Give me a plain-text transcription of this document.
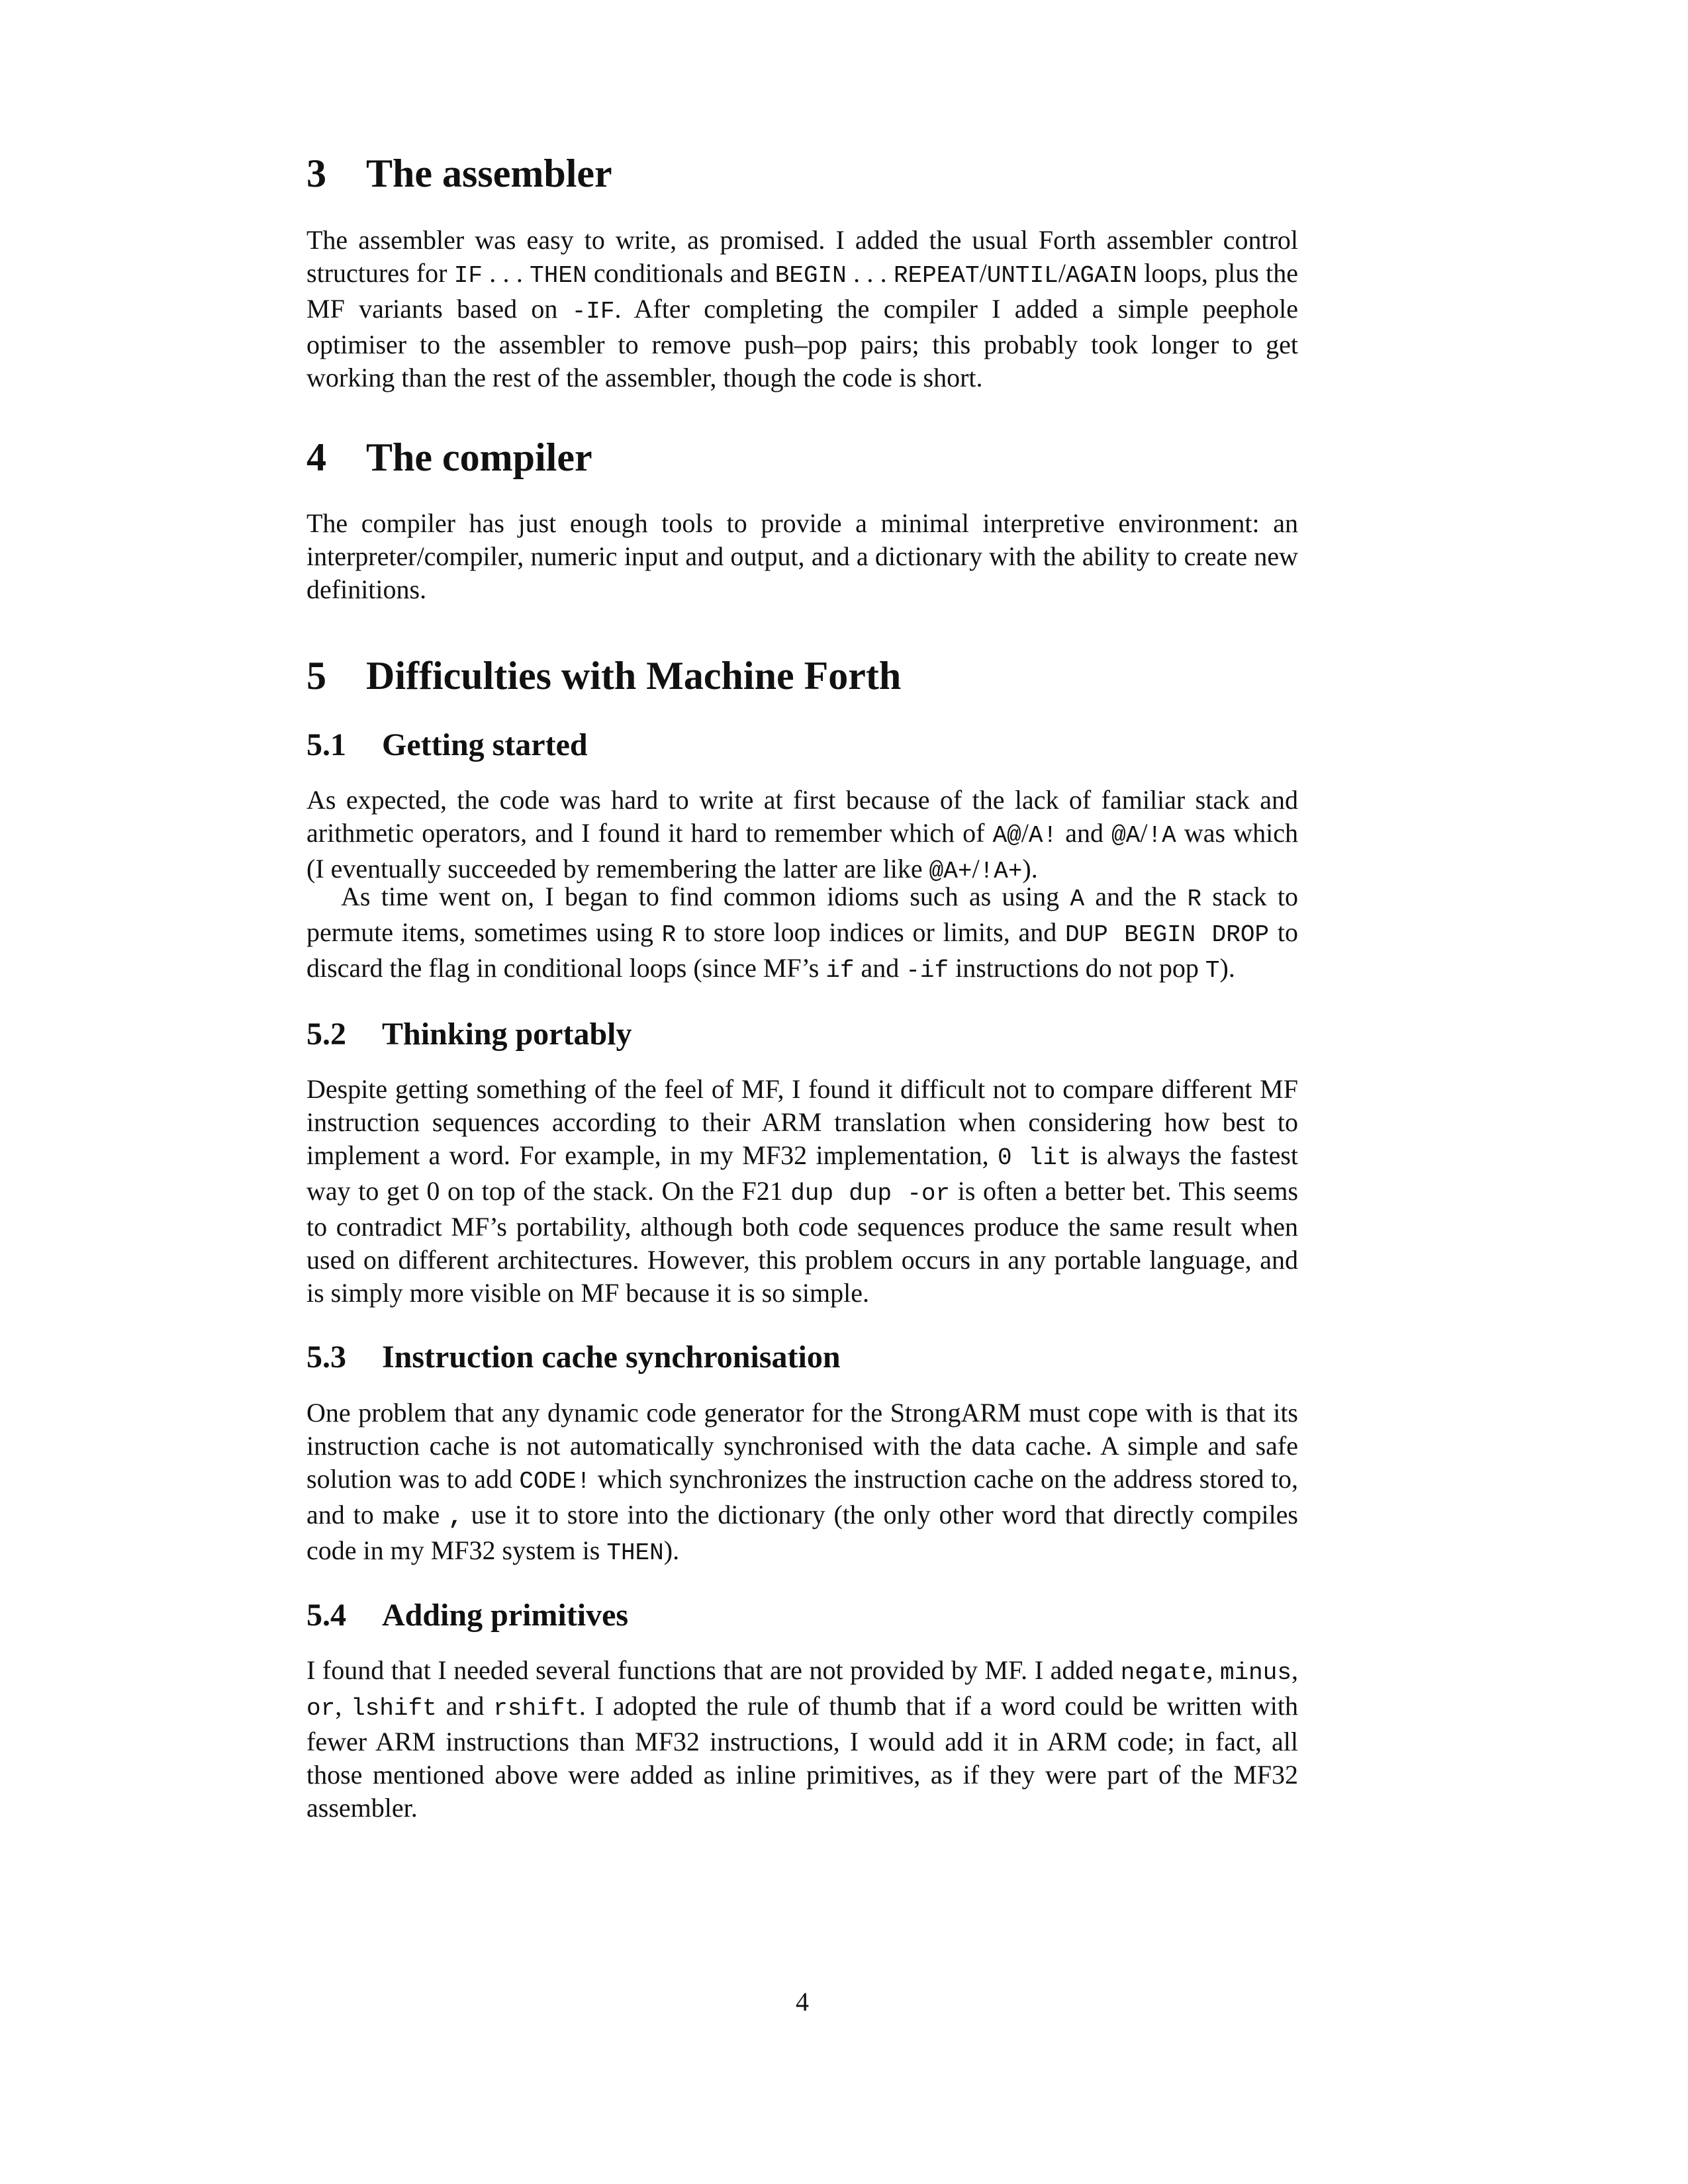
3 The assembler

The assembler was easy to write, as promised. I added the usual Forth assembler control structures for IF . . . THEN conditionals and BEGIN . . . REPEAT/UNTIL/AGAIN loops, plus the MF variants based on -IF. After completing the compiler I added a simple peephole optimiser to the assembler to remove push–pop pairs; this probably took longer to get working than the rest of the assembler, though the code is short.

4 The compiler

The compiler has just enough tools to provide a minimal interpretive environment: an interpreter/compiler, numeric input and output, and a dictionary with the ability to create new definitions.

5 Difficulties with Machine Forth
5.1 Getting started

As expected, the code was hard to write at first because of the lack of familiar stack and arithmetic operators, and I found it hard to remember which of A@/A! and @A/!A was which (I eventually succeeded by remembering the latter are like @A+/!A+).

As time went on, I began to find common idioms such as using A and the R stack to permute items, sometimes using R to store loop indices or limits, and DUP BEGIN DROP to discard the flag in conditional loops (since MF’s if and -if instructions do not pop T).

5.2 Thinking portably

Despite getting something of the feel of MF, I found it difficult not to compare different MF instruction sequences according to their ARM translation when considering how best to implement a word. For example, in my MF32 implementation, 0 lit is always the fastest way to get 0 on top of the stack. On the F21 dup dup -or is often a better bet. This seems to contradict MF’s portability, although both code sequences produce the same result when used on different architectures. However, this problem occurs in any portable language, and is simply more visible on MF because it is so simple.

5.3 Instruction cache synchronisation

One problem that any dynamic code generator for the StrongARM must cope with is that its instruction cache is not automatically synchronised with the data cache. A simple and safe solution was to add CODE! which synchronizes the instruction cache on the address stored to, and to make , use it to store into the dictionary (the only other word that directly compiles code in my MF32 system is THEN).

5.4 Adding primitives

I found that I needed several functions that are not provided by MF. I added negate, minus, or, lshift and rshift. I adopted the rule of thumb that if a word could be written with fewer ARM instructions than MF32 instructions, I would add it in ARM code; in fact, all those mentioned above were added as inline primitives, as if they were part of the MF32 assembler.

4
